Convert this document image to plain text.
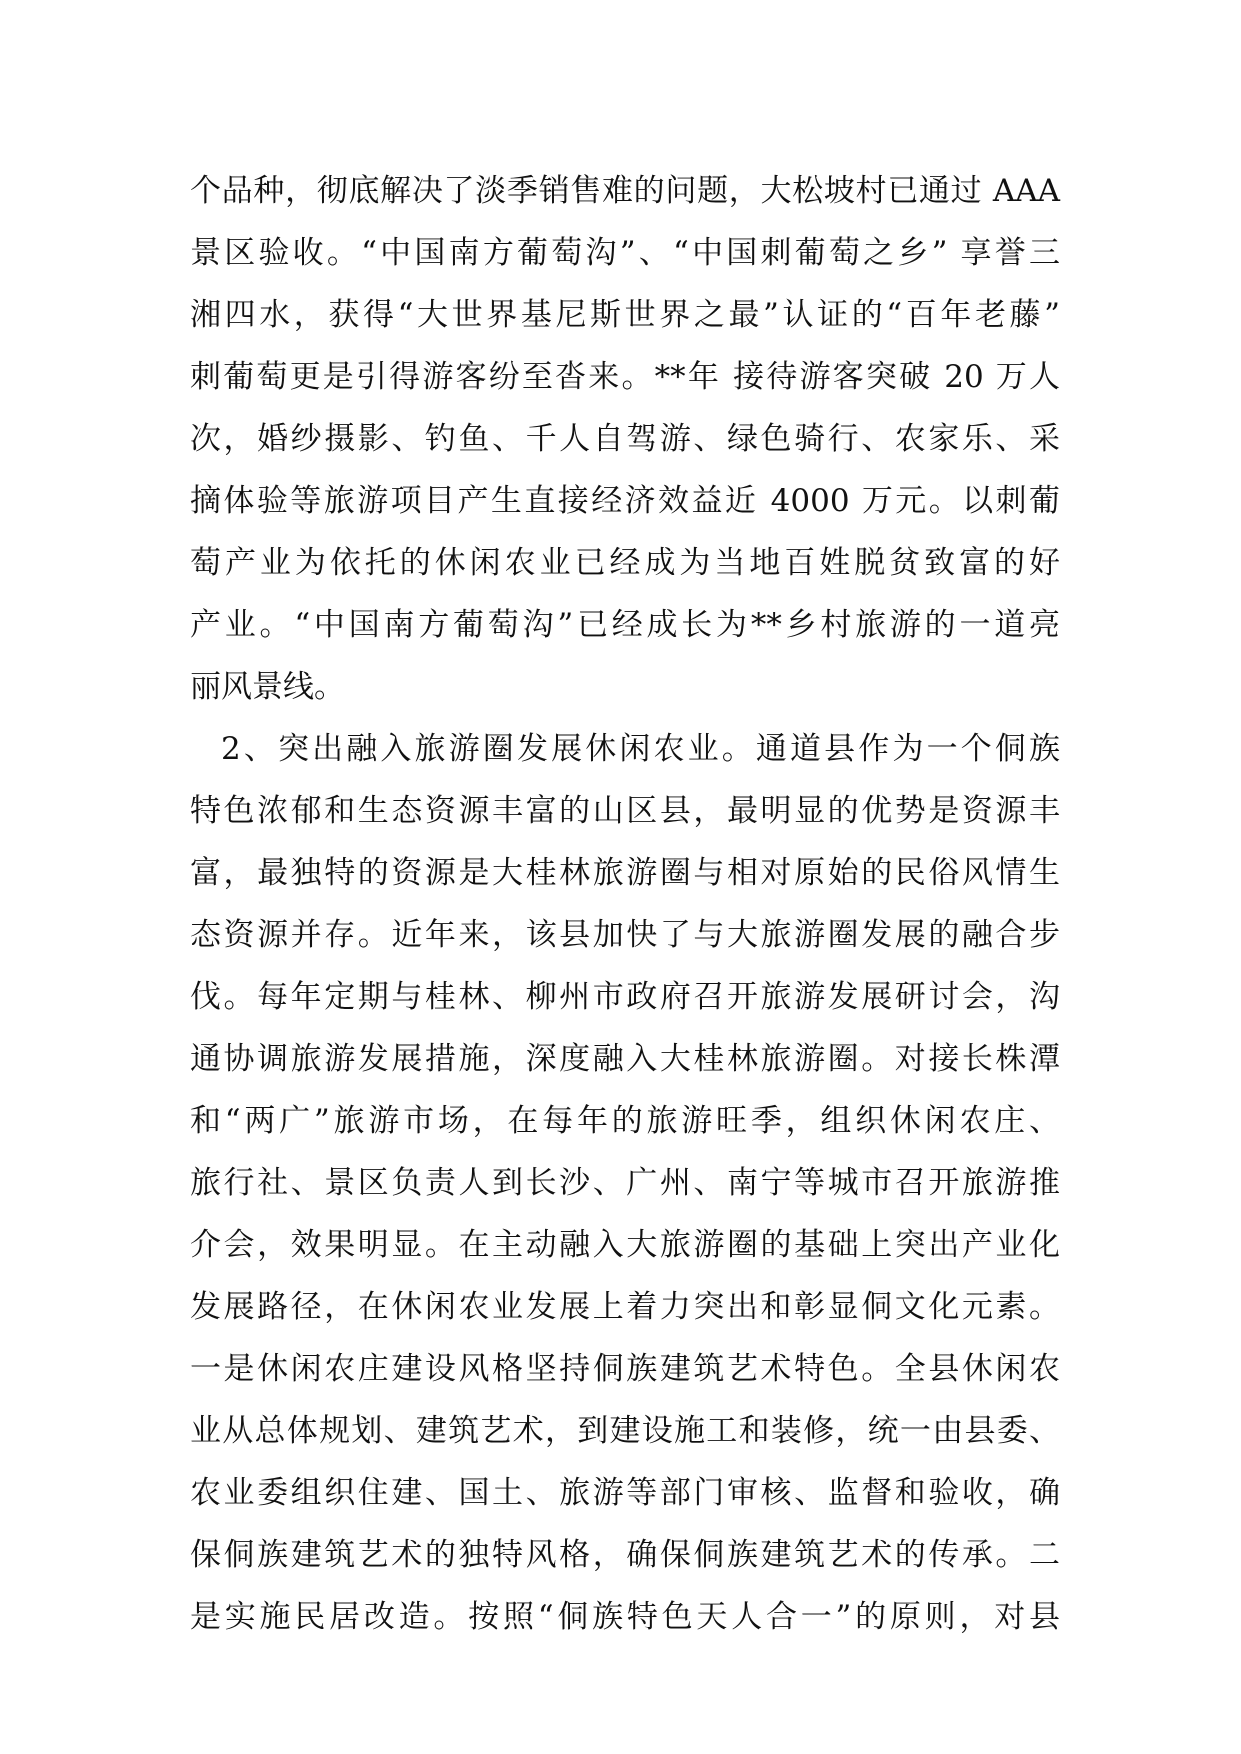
个品种，彻底解决了淡季销售难的问题，大松坡村已通过 AAA
景区验收。“中国南方葡萄沟”、“中国刺葡萄之乡” 享誉三
湘四水，获得“大世界基尼斯世界之最”认证的“百年老藤”
刺葡萄更是引得游客纷至沓来。**年 接待游客突破 20 万人
次，婚纱摄影、钓鱼、千人自驾游、绿色骑行、农家乐、采
摘体验等旅游项目产生直接经济效益近 4000 万元。以刺葡
萄产业为依托的休闲农业已经成为当地百姓脱贫致富的好
产业。“中国南方葡萄沟”已经成长为**乡村旅游的一道亮
丽风景线。
2、突出融入旅游圈发展休闲农业。通道县作为一个侗族
特色浓郁和生态资源丰富的山区县，最明显的优势是资源丰
富，最独特的资源是大桂林旅游圈与相对原始的民俗风情生
态资源并存。近年来，该县加快了与大旅游圈发展的融合步
伐。每年定期与桂林、柳州市政府召开旅游发展研讨会，沟
通协调旅游发展措施，深度融入大桂林旅游圈。对接长株潭
和“两广”旅游市场，在每年的旅游旺季，组织休闲农庄、
旅行社、景区负责人到长沙、广州、南宁等城市召开旅游推
介会，效果明显。在主动融入大旅游圈的基础上突出产业化
发展路径，在休闲农业发展上着力突出和彰显侗文化元素。
一是休闲农庄建设风格坚持侗族建筑艺术特色。全县休闲农
业从总体规划、建筑艺术，到建设施工和装修，统一由县委、
农业委组织住建、国土、旅游等部门审核、监督和验收，确
保侗族建筑艺术的独特风格，确保侗族建筑艺术的传承。二
是实施民居改造。按照“侗族特色天人合一”的原则，对县
